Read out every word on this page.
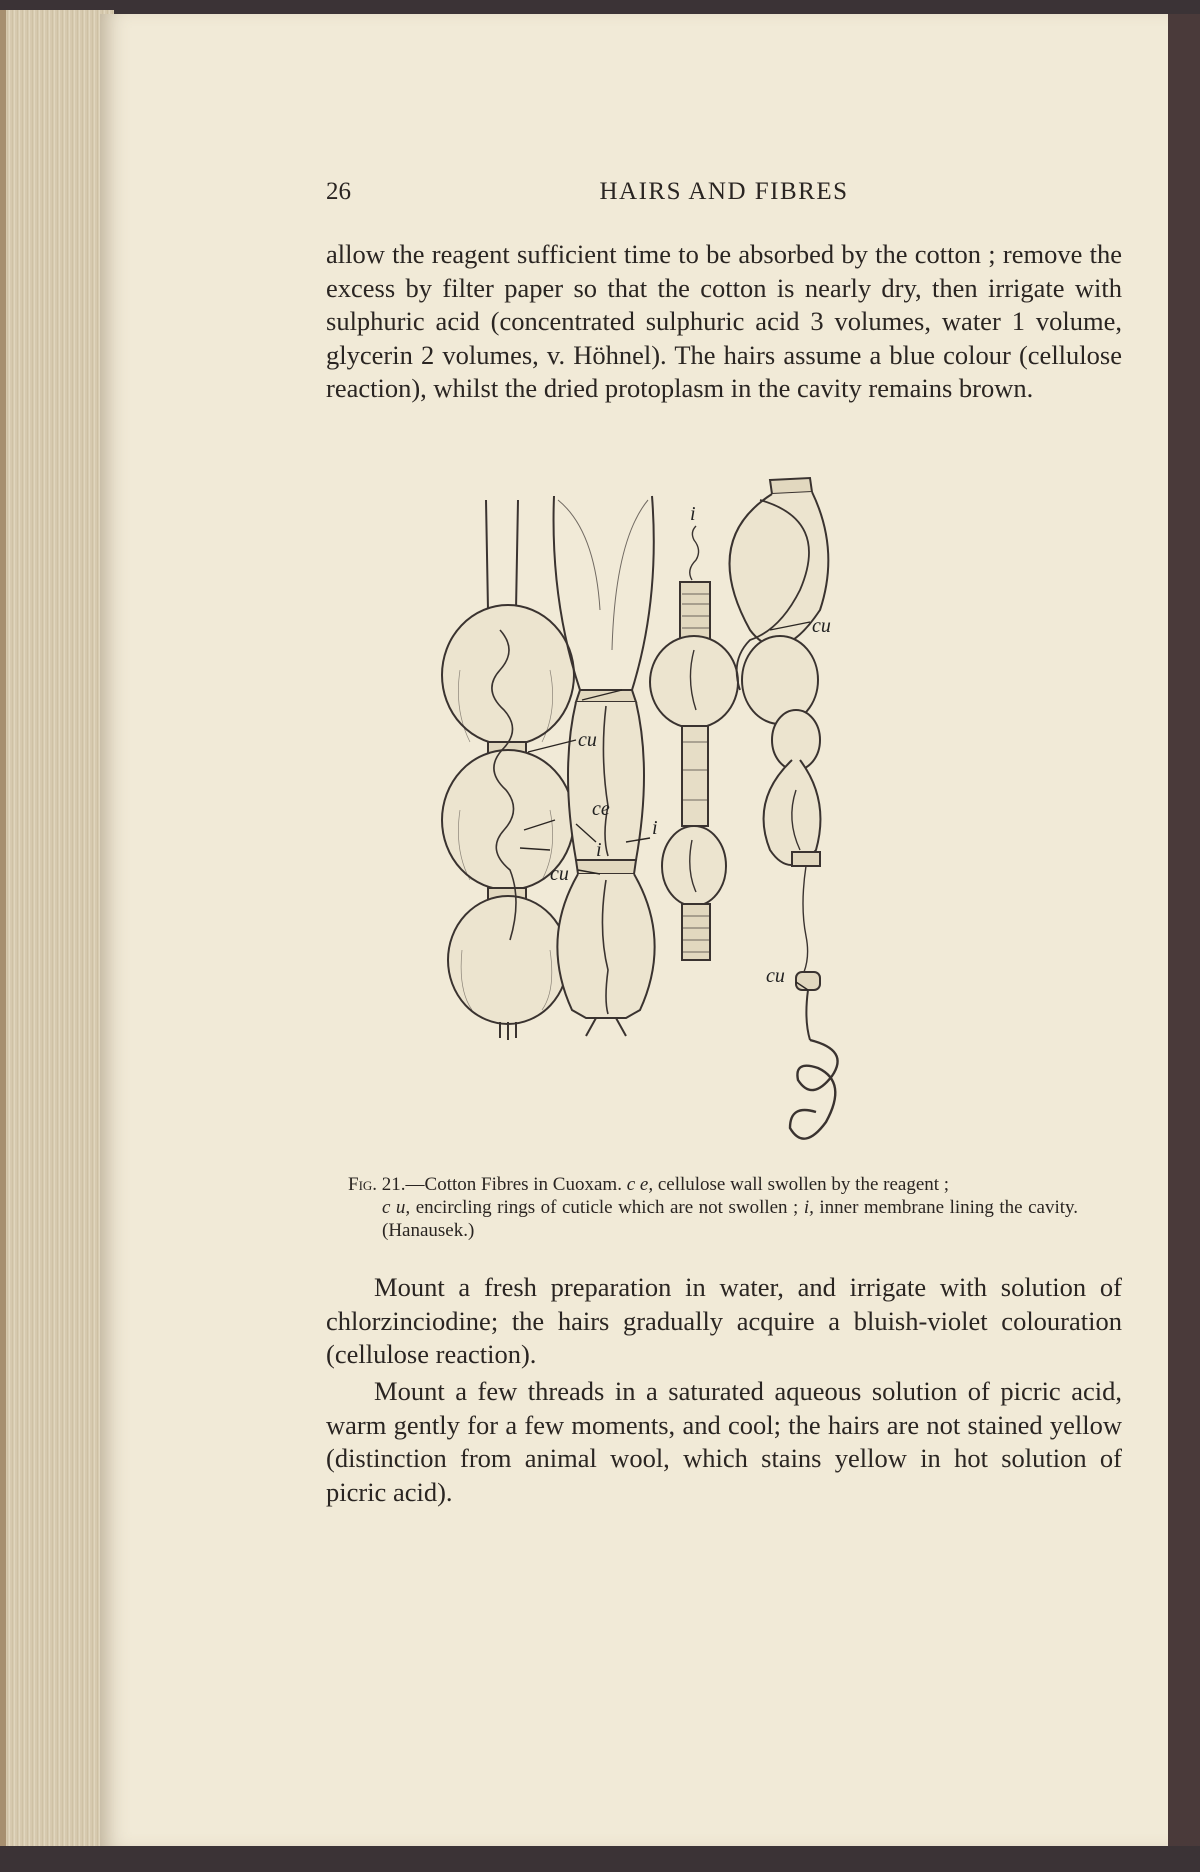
26	HAIRS AND FIBRES

allow the reagent sufficient time to be absorbed by the cotton ; remove the excess by filter paper so that the cotton is nearly dry, then irrigate with sulphuric acid (concentrated sulphuric acid 3 volumes, water 1 volume, glycerin 2 volumes, v. Höhnel). The hairs assume a blue colour (cellulose reaction), whilst the dried protoplasm in the cavity remains brown.

cu
ce
i
i
cu
cu
i
cu

Fig. 21.—Cotton Fibres in Cuoxam. c e, cellulose wall swollen by the reagent ;
c u, encircling rings of cuticle which are not swollen ; i, inner membrane lining the cavity. (Hanausek.)

Mount a fresh preparation in water, and irrigate with solution of chlorzinciodine; the hairs gradually acquire a bluish-violet colouration (cellulose reaction).

Mount a few threads in a saturated aqueous solution of picric acid, warm gently for a few moments, and cool; the hairs are not stained yellow (distinction from animal wool, which stains yellow in hot solution of picric acid).
